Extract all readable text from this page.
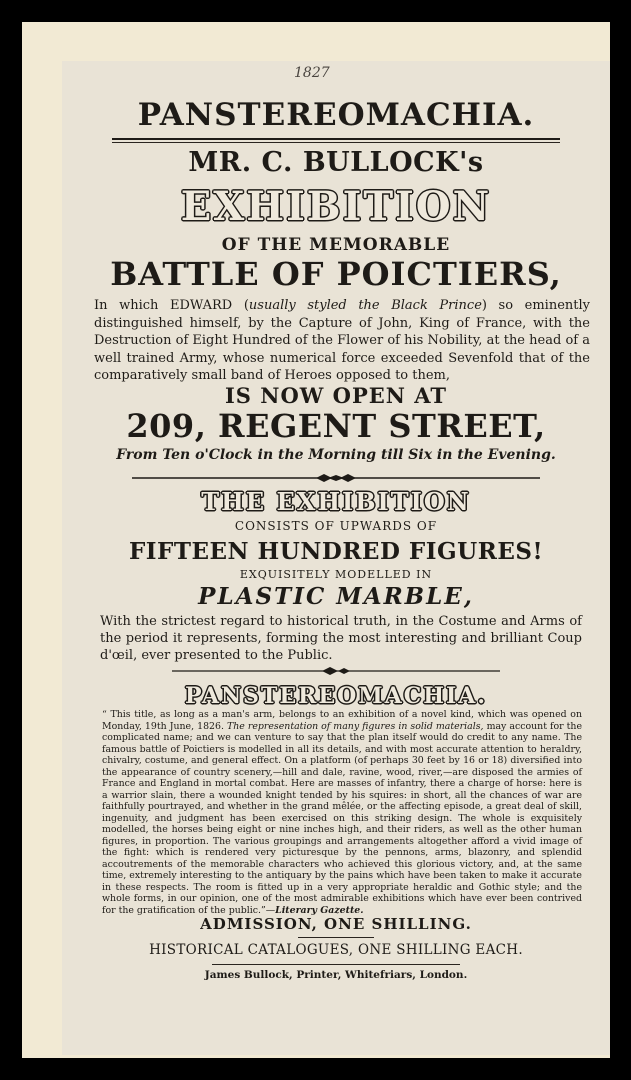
1827
PANSTEREOMACHIA.
MR. C. BULLOCK's
EXHIBITION
OF THE MEMORABLE
BATTLE OF POICTIERS,
In which EDWARD (usually styled the Black Prince) so eminently distinguished himself, by the Capture of John, King of France, with the Destruction of Eight Hundred of the Flower of his Nobility, at the head of a well trained Army, whose numerical force exceeded Sevenfold that of the comparatively small band of Heroes opposed to them,
IS NOW OPEN AT
209, REGENT STREET,
From Ten o'Clock in the Morning till Six in the Evening.
THE EXHIBITION
CONSISTS OF UPWARDS OF
FIFTEEN HUNDRED FIGURES!
EXQUISITELY MODELLED IN
PLASTIC MARBLE,
With the strictest regard to historical truth, in the Costume and Arms of the period it represents, forming the most interesting and brilliant Coup d'œil, ever presented to the Public.
PANSTEREOMACHIA.
“ This title, as long as a man's arm, belongs to an exhibition of a novel kind, which was opened on Monday, 19th June, 1826. The representation of many figures in solid materials, may account for the complicated name; and we can venture to say that the plan itself would do credit to any name. The famous battle of Poictiers is modelled in all its details, and with most accurate attention to heraldry, chivalry, costume, and general effect. On a platform (of perhaps 30 feet by 16 or 18) diversified into the appearance of country scenery,—hill and dale, ravine, wood, river,—are disposed the armies of France and England in mortal combat. Here are masses of infantry, there a charge of horse: here is a warrior slain, there a wounded knight tended by his squires: in short, all the chances of war are faithfully pourtrayed, and whether in the grand mêlée, or the affecting episode, a great deal of skill, ingenuity, and judgment has been exercised on this striking design. The whole is exquisitely modelled, the horses being eight or nine inches high, and their riders, as well as the other human figures, in proportion. The various groupings and arrangements altogether afford a vivid image of the fight: which is rendered very picturesque by the pennons, arms, blazonry, and splendid accoutrements of the memorable characters who achieved this glorious victory, and, at the same time, extremely interesting to the antiquary by the pains which have been taken to make it accurate in these respects. The room is fitted up in a very appropriate heraldic and Gothic style; and the whole forms, in our opinion, one of the most admirable exhibitions which have ever been contrived for the gratification of the public.”—Literary Gazette.
ADMISSION, ONE SHILLING.
HISTORICAL CATALOGUES, ONE SHILLING EACH.
James Bullock, Printer, Whitefriars, London.
